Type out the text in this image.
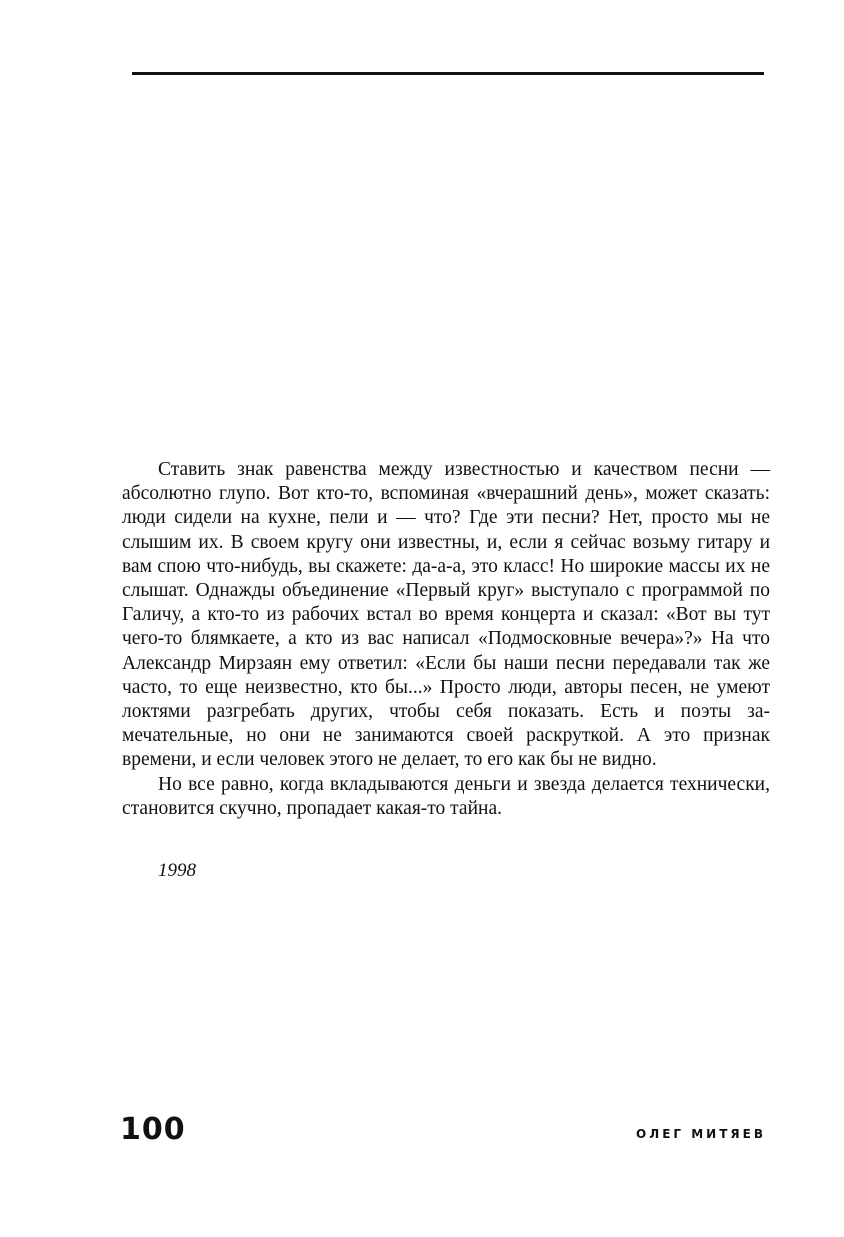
Ставить знак равенства между известностью и качеством песни — абсолютно глупо. Вот кто-то, вспоминая «вчерашний день», может сказать: люди сидели на кухне, пели и — что? Где эти песни? Нет, просто мы не слышим их. В своем кругу они известны, и, если я сейчас возьму гитару и вам спою что-нибудь, вы скажете: да-а-а, это класс! Но широкие массы их не слышат. Однажды объединение «Первый круг» выступало с программой по Галичу, а кто-то из рабочих встал во время концерта и сказал: «Вот вы тут чего-то блямкаете, а кто из вас написал «Подмосковные вечера»?» На что Александр Мирзаян ему ответил: «Если бы наши песни передавали так же часто, то еще неизвестно, кто бы...» Просто люди, авторы песен, не умеют локтями разгребать других, чтобы себя показать. Есть и поэты замечательные, но они не занимаются своей раскруткой. А это признак времени, и если человек этого не делает, то его как бы не видно.

Но все равно, когда вкладываются деньги и звезда делается технически, становится скучно, пропадает какая-то тайна.

1998
100	ОЛЕГ МИТЯЕВ
